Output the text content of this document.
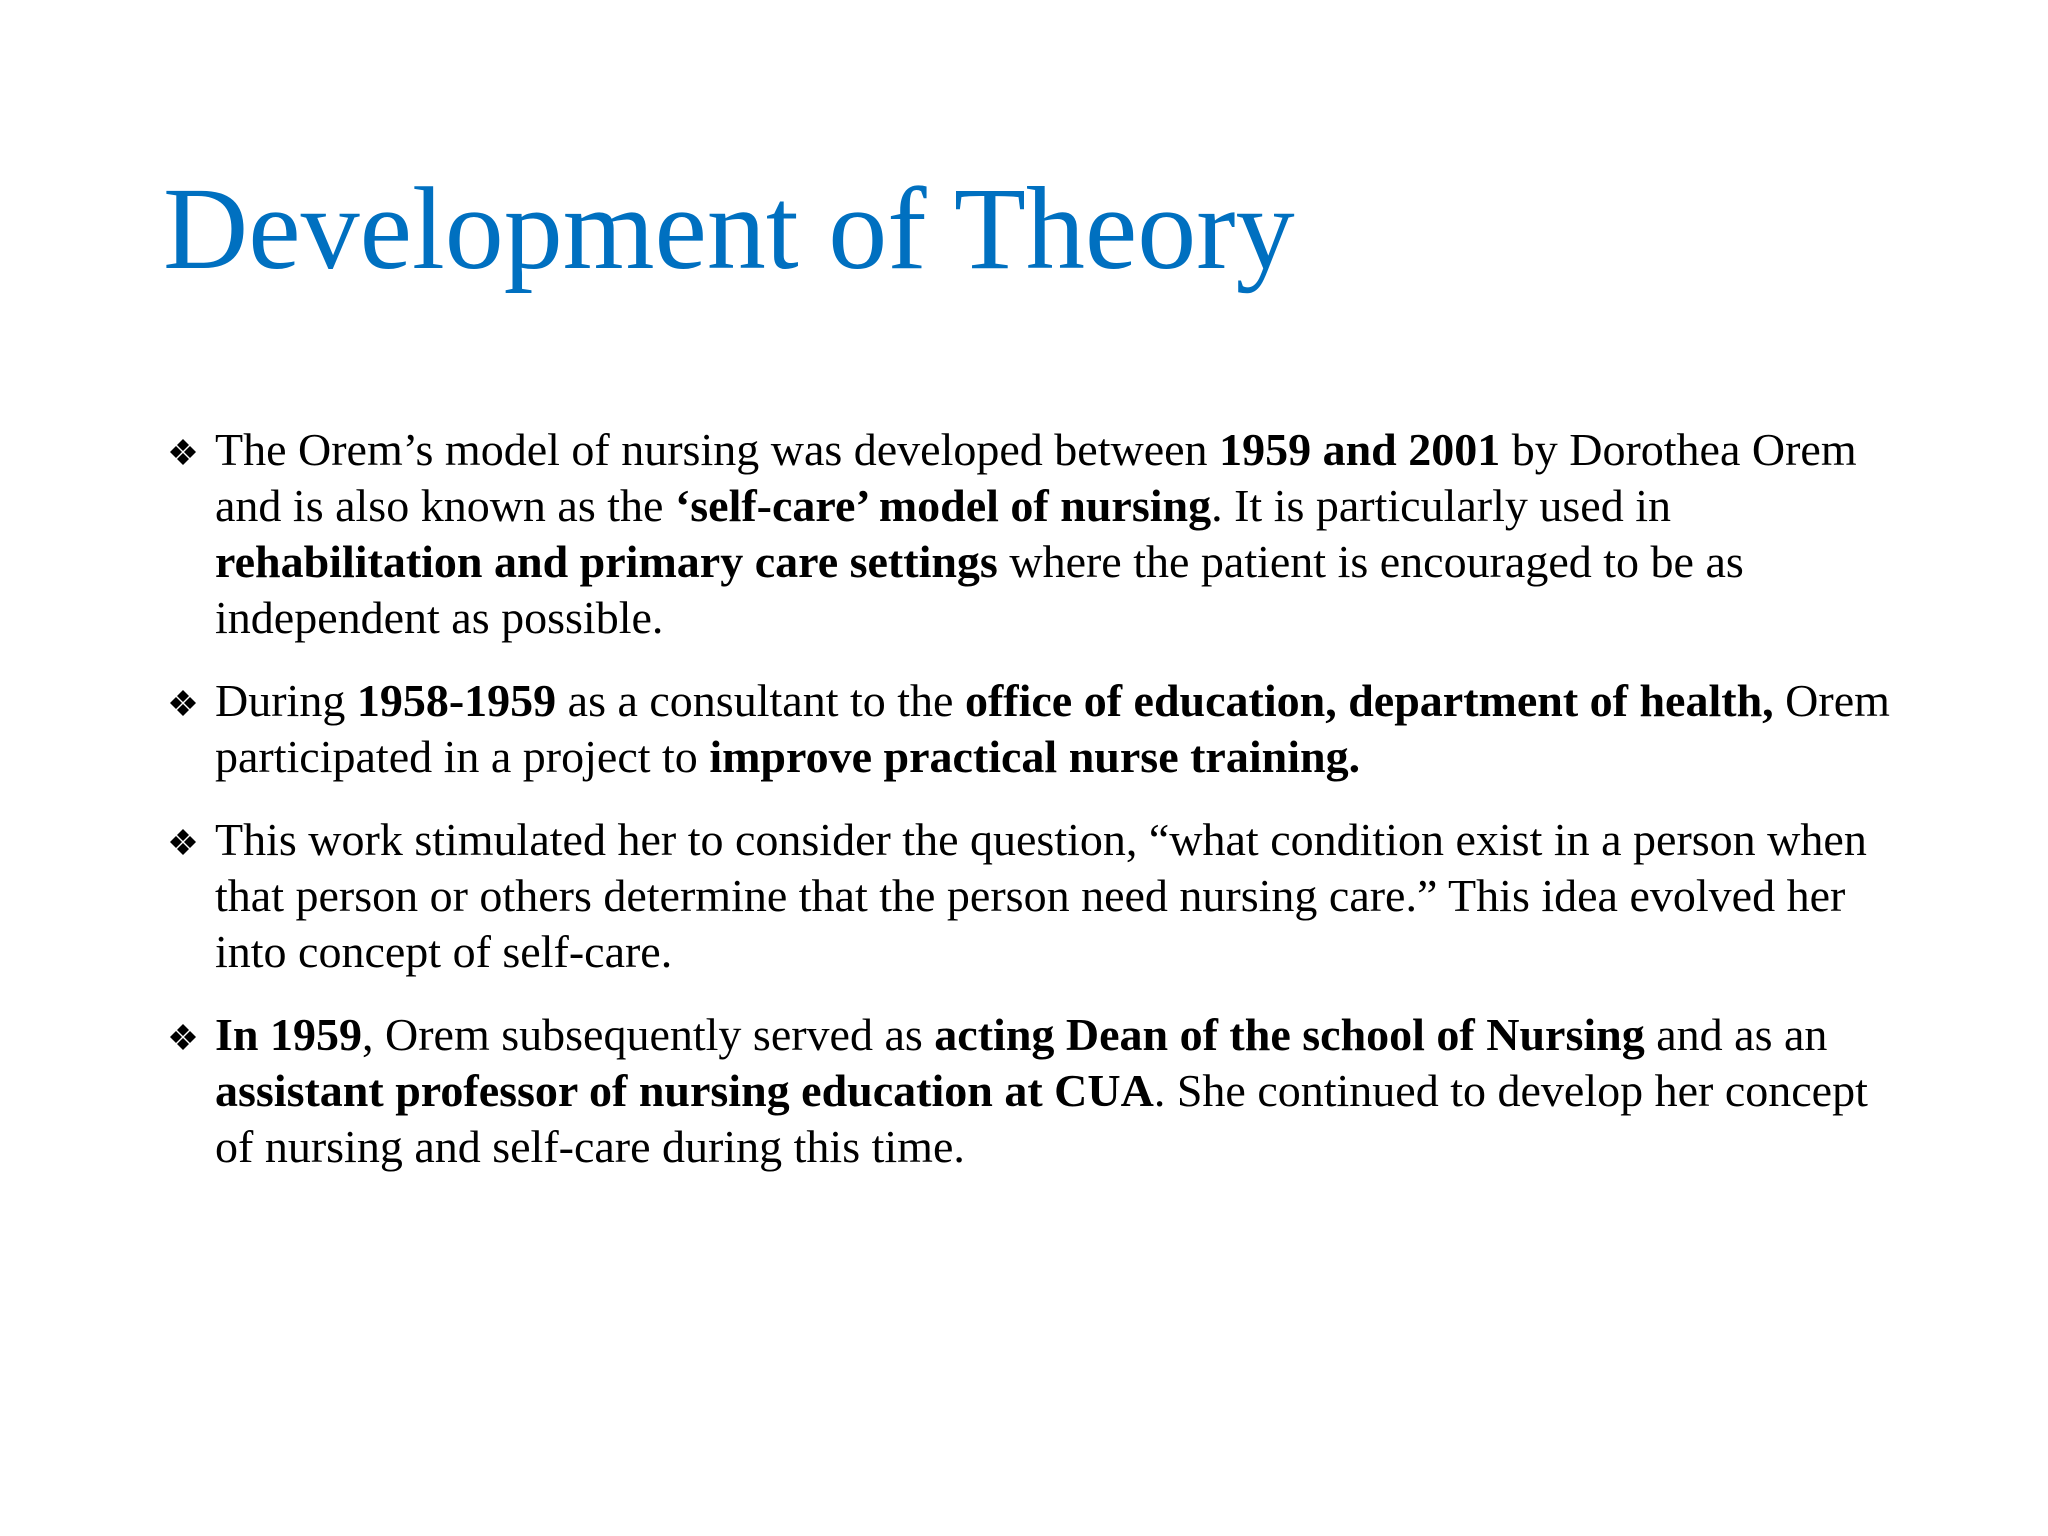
Development of Theory
The Orem’s model of nursing was developed between 1959 and 2001 by Dorothea Orem and is also known as the ‘self-care’ model of nursing. It is particularly used in rehabilitation and primary care settings where the patient is encouraged to be as independent as possible.
During 1958-1959 as a consultant to the office of education, department of health, Orem participated in a project to improve practical nurse training.
This work stimulated her to consider the question, “what condition exist in a person when that person or others determine that the person need nursing care.” This idea evolved her into concept of self-care.
In 1959, Orem subsequently served as acting Dean of the school of Nursing and as an assistant professor of nursing education at CUA. She continued to develop her concept of nursing and self-care during this time.
